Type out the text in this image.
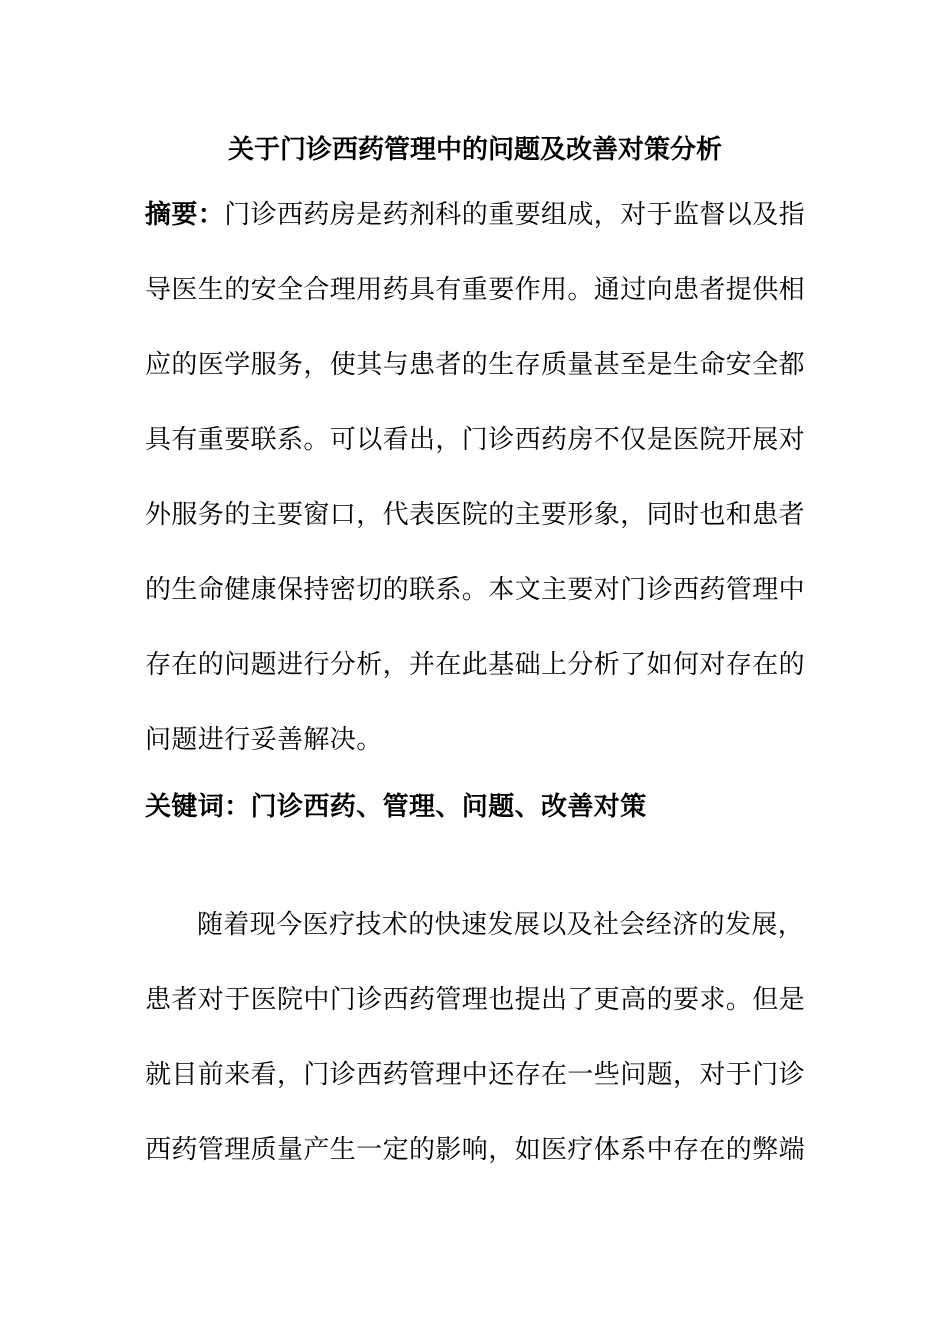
关于门诊西药管理中的问题及改善对策分析
摘要：门诊西药房是药剂科的重要组成，对于监督以及指
导医生的安全合理用药具有重要作用。通过向患者提供相
应的医学服务，使其与患者的生存质量甚至是生命安全都
具有重要联系。可以看出，门诊西药房不仅是医院开展对
外服务的主要窗口，代表医院的主要形象，同时也和患者
的生命健康保持密切的联系。本文主要对门诊西药管理中
存在的问题进行分析，并在此基础上分析了如何对存在的
问题进行妥善解决。
关键词：门诊西药、管理、问题、改善对策
随着现今医疗技术的快速发展以及社会经济的发展，
患者对于医院中门诊西药管理也提出了更高的要求。但是
就目前来看，门诊西药管理中还存在一些问题，对于门诊
西药管理质量产生一定的影响，如医疗体系中存在的弊端
